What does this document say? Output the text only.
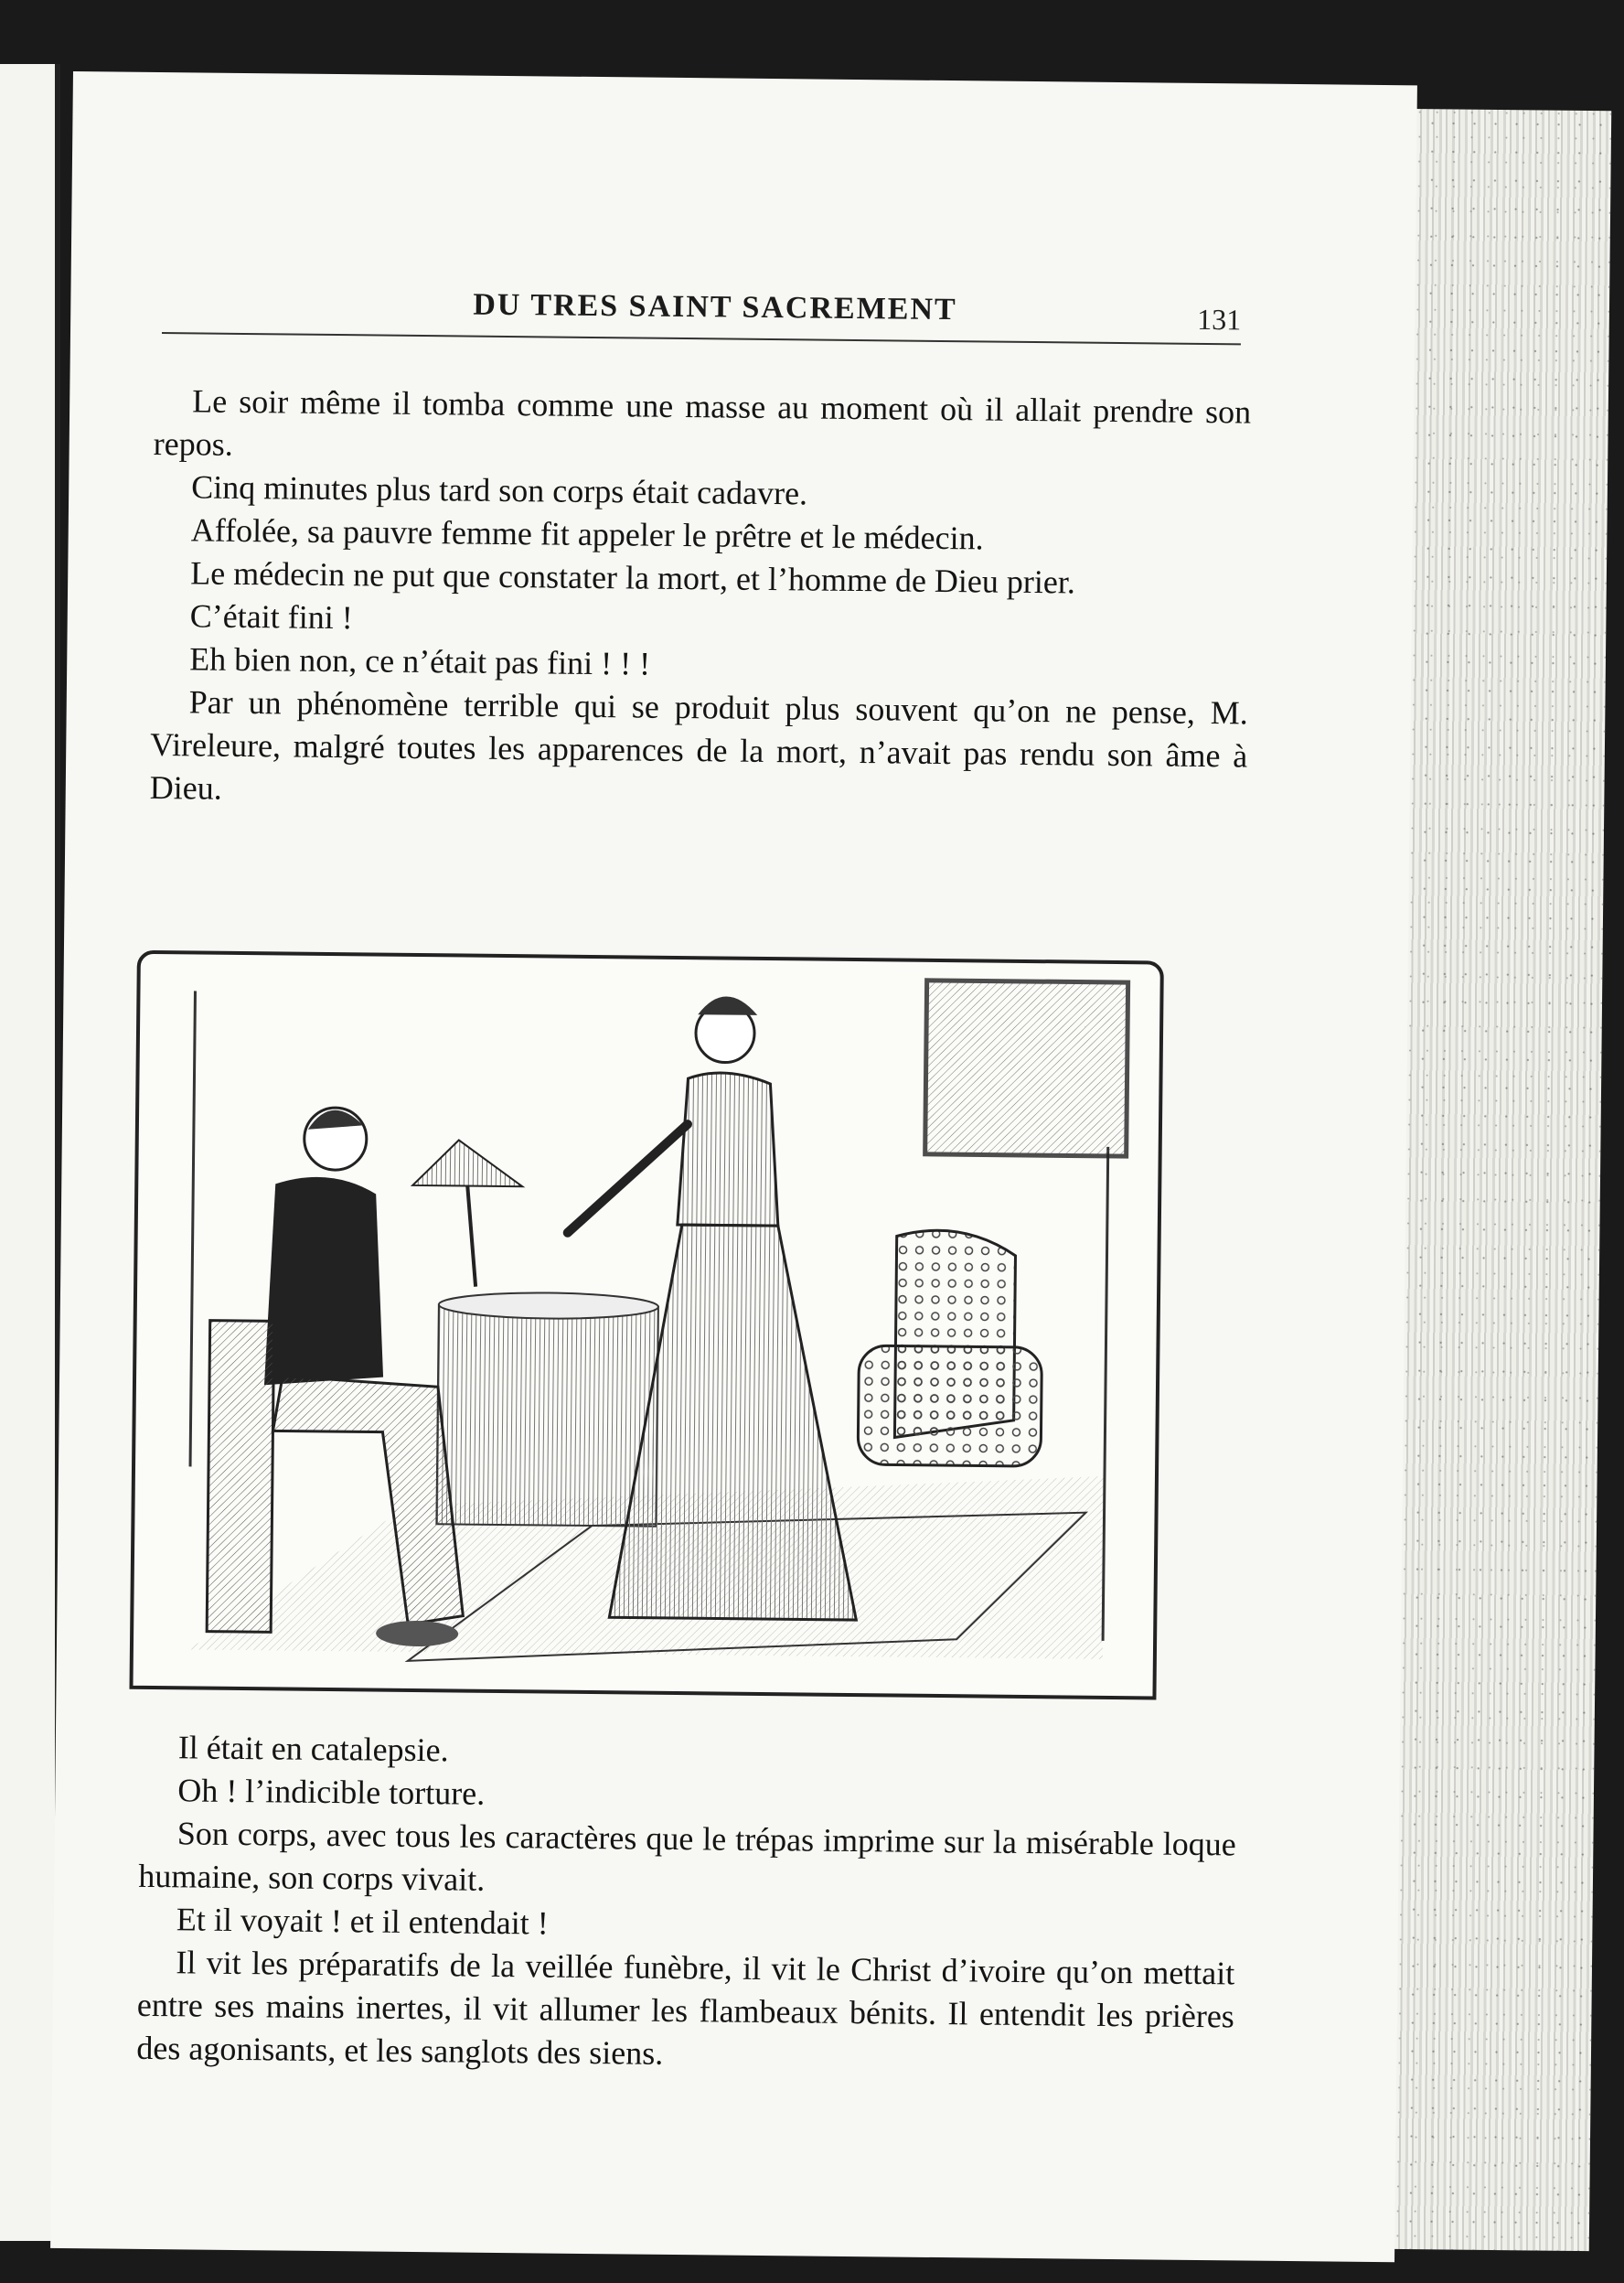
DU TRES SAINT SACREMENT	131

Le soir même il tomba comme une masse au moment où il allait prendre son repos.

Cinq minutes plus tard son corps était cadavre.

Affolée, sa pauvre femme fit appeler le prêtre et le médecin.

Le médecin ne put que constater la mort, et l’homme de Dieu prier.

C’était fini !

Eh bien non, ce n’était pas fini ! ! !

Par un phénomène terrible qui se produit plus souvent qu’on ne pense, M. Vireleure, malgré toutes les apparences de la mort, n’avait pas rendu son âme à Dieu.

Il était en catalepsie.

Oh ! l’indicible torture.

Son corps, avec tous les caractères que le trépas imprime sur la misérable loque humaine, son corps vivait.

Et il voyait ! et il entendait !

Il vit les préparatifs de la veillée funèbre, il vit le Christ d’ivoire qu’on mettait entre ses mains inertes, il vit allumer les flambeaux bénits. Il entendit les prières des agonisants, et les sanglots des siens.
